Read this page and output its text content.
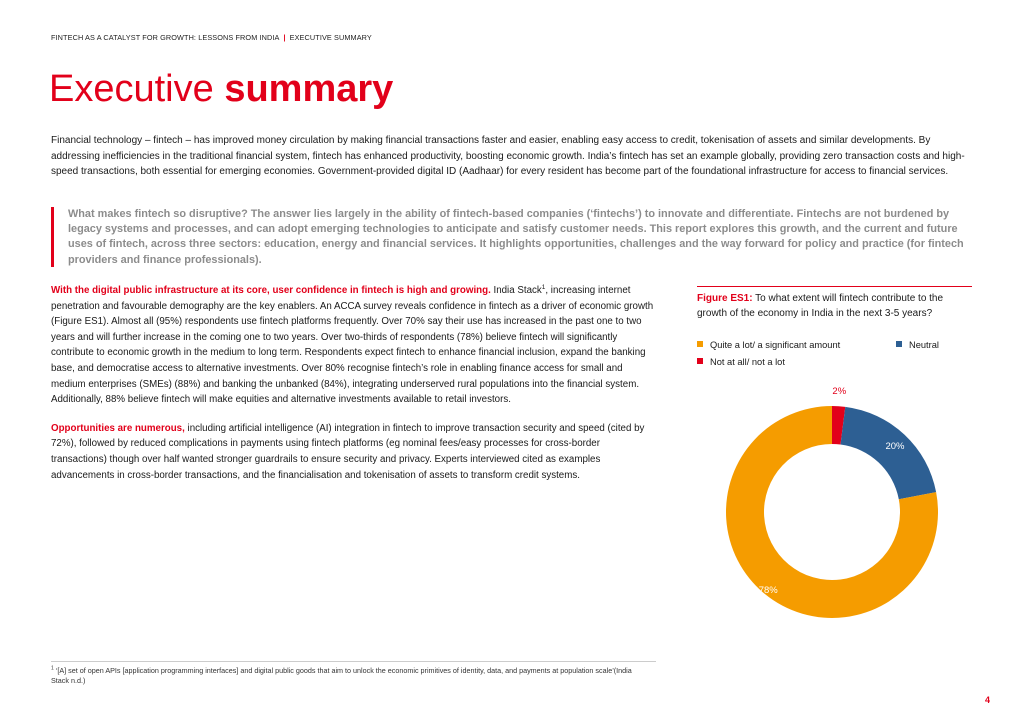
FINTECH AS A CATALYST FOR GROWTH: LESSONS FROM INDIA | EXECUTIVE SUMMARY
Executive summary

Financial technology – fintech – has improved money circulation by making financial transactions faster and easier, enabling easy access to credit, tokenisation of assets and similar developments. By addressing inefficiencies in the traditional financial system, fintech has enhanced productivity, boosting economic growth. India’s fintech has set an example globally, providing zero transaction costs and high-speed transactions, both essential for emerging economies. Government-provided digital ID (Aadhaar) for every resident has become part of the foundational infrastructure for access to financial services.

What makes fintech so disruptive? The answer lies largely in the ability of fintech-based companies (‘fintechs’) to innovate and differentiate. Fintechs are not burdened by legacy systems and processes, and can adopt emerging technologies to anticipate and satisfy customer needs. This report explores this growth, and the current and future uses of fintech, across three sectors: education, energy and financial services. It highlights opportunities, challenges and the way forward for policy and practice (for fintech providers and finance professionals).

With the digital public infrastructure at its core, user confidence in fintech is high and growing. India Stack$^1$, increasing internet penetration and favourable demography are the key enablers. An ACCA survey reveals confidence in fintech as a driver of economic growth (Figure ES1). Almost all (95%) respondents use fintech platforms frequently. Over 70% say their use has increased in the past one to two years and will further increase in the coming one to two years. Over two-thirds of respondents (78%) believe fintech will significantly contribute to economic growth in the medium to long term. Respondents expect fintech to enhance financial inclusion, expand the banking base, and democratise access to alternative investments. Over 80% recognise fintech’s role in enabling finance access for small and medium enterprises (SMEs) (88%) and banking the unbanked (84%), integrating underserved rural populations into the financial system. Additionally, 88% believe fintech will make equities and alternative investments available to retail investors.

Opportunities are numerous, including artificial intelligence (AI) integration in fintech to improve transaction security and speed (cited by 72%), followed by reduced complications in payments using fintech platforms (eg nominal fees/easy processes for cross-border transactions) though over half wanted stronger guardrails to ensure security and privacy. Experts interviewed cited as examples advancements in cross-border transactions, and the financialisation and tokenisation of assets to transform credit systems.

Figure ES1: To what extent will fintech contribute to the growth of the economy in India in the next 3-5 years?

Quite a lot/ a significant amount	Neutral
Not at all/ not a lot
2%
20%
78%

$^1$ ‘[A] set of open APIs [application programming interfaces] and digital public goods that aim to unlock the economic primitives of identity, data, and payments at population scale’(India Stack n.d.)

4
